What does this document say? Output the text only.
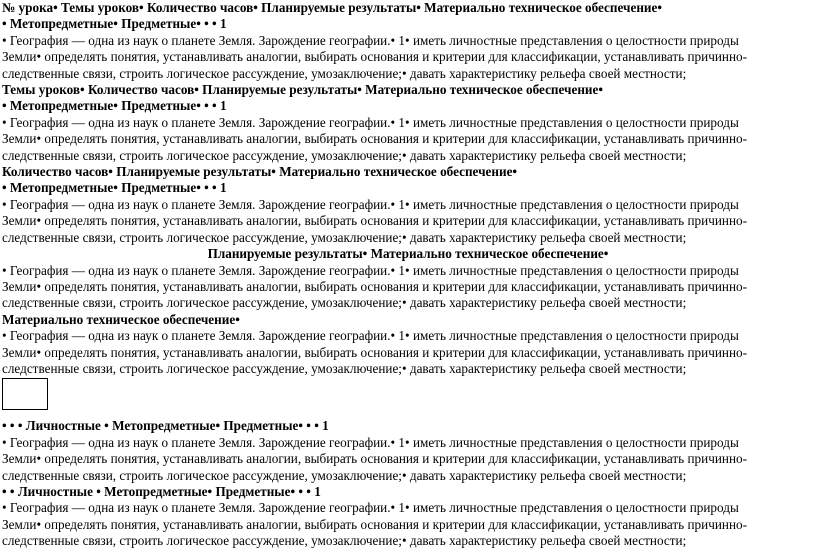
№ урока• Темы уроков• Количество часов• Планируемые результаты• Материально техническое обеспечение•
• Метопредметные• Предметные• • • 1
• География — одна из наук о планете Земля. Зарождение географии.• 1• иметь личностные представления о целостности природы
Земли• определять понятия, устанавливать аналогии, выбирать основания и критерии для классификации, устанавливать причинно-
следственные связи, строить логическое рассуждение, умозаключение;• давать характеристику рельефа своей местности;
Темы уроков• Количество часов• Планируемые результаты• Материально техническое обеспечение•
• Метопредметные• Предметные• • • 1
• География — одна из наук о планете Земля. Зарождение географии.• 1• иметь личностные представления о целостности природы
Земли• определять понятия, устанавливать аналогии, выбирать основания и критерии для классификации, устанавливать причинно-
следственные связи, строить логическое рассуждение, умозаключение;• давать характеристику рельефа своей местности;
Количество часов• Планируемые результаты• Материально техническое обеспечение•
• Метопредметные• Предметные• • • 1
• География — одна из наук о планете Земля. Зарождение географии.• 1• иметь личностные представления о целостности природы
Земли• определять понятия, устанавливать аналогии, выбирать основания и критерии для классификации, устанавливать причинно-
следственные связи, строить логическое рассуждение, умозаключение;• давать характеристику рельефа своей местности;
Планируемые результаты• Материально техническое обеспечение•
• География — одна из наук о планете Земля. Зарождение географии.• 1• иметь личностные представления о целостности природы
Земли• определять понятия, устанавливать аналогии, выбирать основания и критерии для классификации, устанавливать причинно-
следственные связи, строить логическое рассуждение, умозаключение;• давать характеристику рельефа своей местности;
Материально техническое обеспечение•
• География — одна из наук о планете Земля. Зарождение географии.• 1• иметь личностные представления о целостности природы
Земли• определять понятия, устанавливать аналогии, выбирать основания и критерии для классификации, устанавливать причинно-
следственные связи, строить логическое рассуждение, умозаключение;• давать характеристику рельефа своей местности;
• • • Личностные • Метопредметные• Предметные• • • 1
• География — одна из наук о планете Земля. Зарождение географии.• 1• иметь личностные представления о целостности природы
Земли• определять понятия, устанавливать аналогии, выбирать основания и критерии для классификации, устанавливать причинно-
следственные связи, строить логическое рассуждение, умозаключение;• давать характеристику рельефа своей местности;
• • Личностные • Метопредметные• Предметные• • • 1
• География — одна из наук о планете Земля. Зарождение географии.• 1• иметь личностные представления о целостности природы
Земли• определять понятия, устанавливать аналогии, выбирать основания и критерии для классификации, устанавливать причинно-
следственные связи, строить логическое рассуждение, умозаключение;• давать характеристику рельефа своей местности;
